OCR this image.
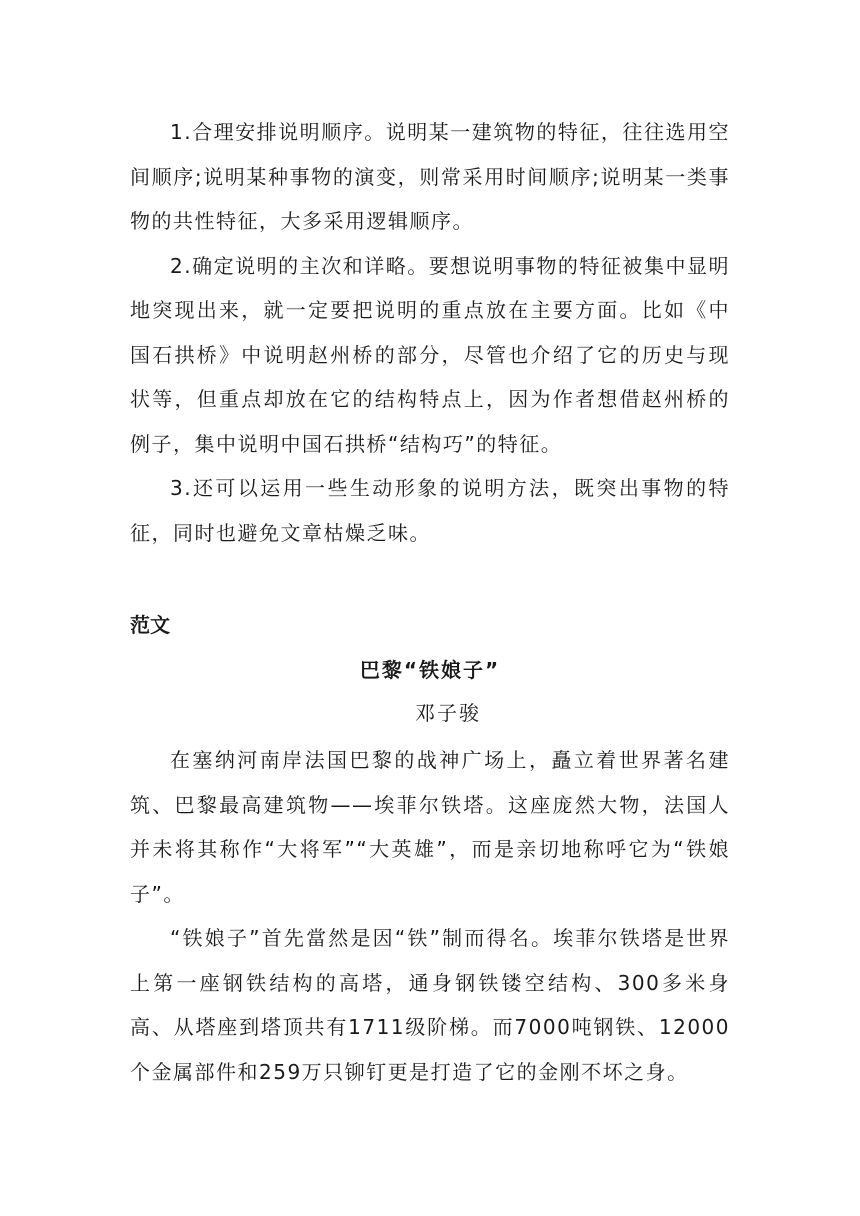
1.合理安排说明顺序。说明某一建筑物的特征，往往选用空间顺序;说明某种事物的演变，则常采用时间顺序;说明某一类事物的共性特征，大多采用逻辑顺序。

2.确定说明的主次和详略。要想说明事物的特征被集中显明地突现出来，就一定要把说明的重点放在主要方面。比如《中国石拱桥》中说明赵州桥的部分，尽管也介绍了它的历史与现状等，但重点却放在它的结构特点上，因为作者想借赵州桥的例子，集中说明中国石拱桥“结构巧”的特征。

3.还可以运用一些生动形象的说明方法，既突出事物的特征，同时也避免文章枯燥乏味。

范文
巴黎“铁娘子”
邓子骏

在塞纳河南岸法国巴黎的战神广场上，矗立着世界著名建筑、巴黎最高建筑物——埃菲尔铁塔。这座庞然大物，法国人并未将其称作“大将军”“大英雄”，而是亲切地称呼它为“铁娘子”。

“铁娘子”首先當然是因“铁”制而得名。埃菲尔铁塔是世界上第一座钢铁结构的高塔，通身钢铁镂空结构、300多米身高、从塔座到塔顶共有1711级阶梯。而7000吨钢铁、12000个金属部件和259万只铆钉更是打造了它的金刚不坏之身。
